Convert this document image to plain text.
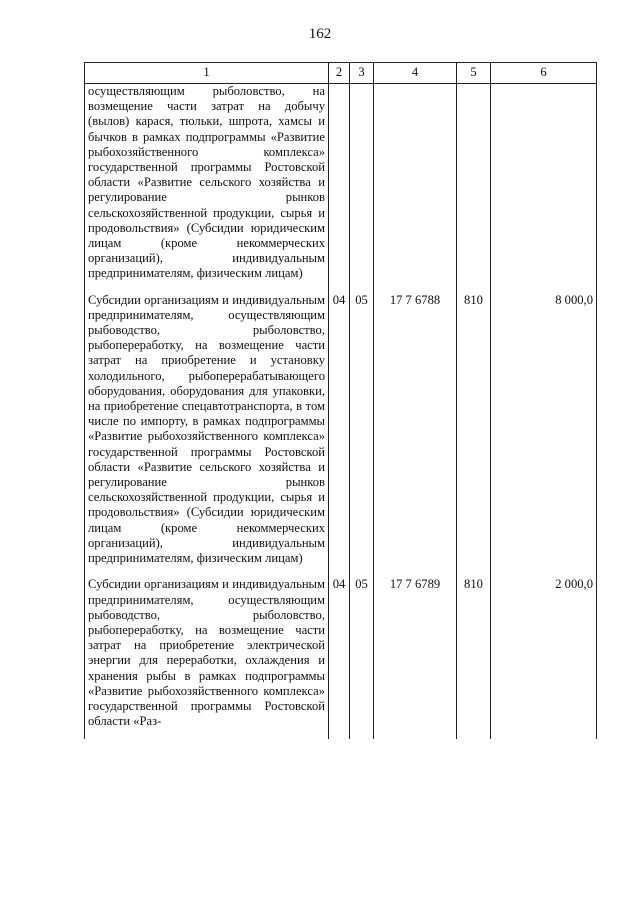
162
1	2	3	4	5	6
осуществляющим рыболовство, на возмещение части затрат на добычу (вылов) карася, тюльки, шпрота, хамсы и бычков в рамках подпрограммы «Развитие рыбохозяйственного комплекса» государственной программы Ростовской области «Развитие сельского хозяйства и регулирование рынков сельскохозяйственной продукции, сырья и продовольствия» (Субсидии юридическим лицам (кроме некоммерческих организаций), индивидуальным предпринимателям, физическим лицам)					
Субсидии организациям и индивидуальным предпринимателям, осуществляющим рыбоводство, рыболовство, рыбопереработку, на возмещение части затрат на приобретение и установку холодильного, рыбоперерабатывающего оборудования, оборудования для упаковки, на приобретение спецавтотранспорта, в том числе по импорту, в рамках подпрограммы «Развитие рыбохозяйственного комплекса» государственной программы Ростовской области «Развитие сельского хозяйства и регулирование рынков сельскохозяйственной продукции, сырья и продовольствия» (Субсидии юридическим лицам (кроме некоммерческих организаций), индивидуальным предпринимателям, физическим лицам)	04	05	17 7 6788	810	8 000,0
Субсидии организациям и индивидуальным предпринимателям, осуществляющим рыбоводство, рыболовство, рыбопереработку, на возмещение части затрат на приобретение электрической энергии для переработки, охлаждения и хранения рыбы в рамках подпрограммы «Развитие рыбохозяйственного комплекса» государственной программы Ростовской области «Раз-	04	05	17 7 6789	810	2 000,0
